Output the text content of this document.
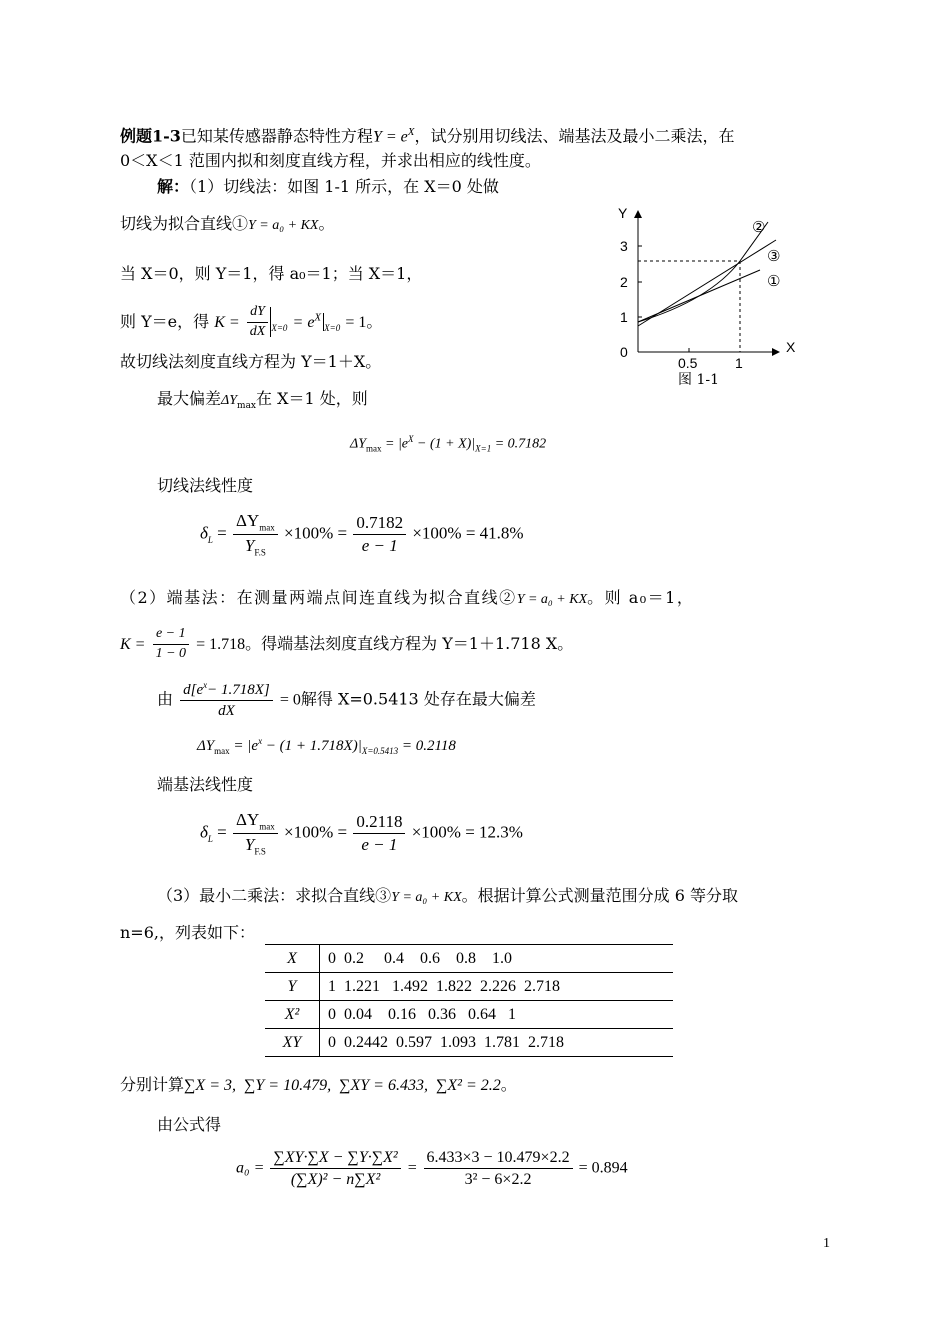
例题1-3已知某传感器静态特性方程$Y = e^X$，试分别用切线法、端基法及最小二乘法，在
0＜X＜1 范围内拟和刻度直线方程，并求出相应的线性度。
解：（1）切线法：如图 1-1 所示，在 X＝0 处做
切线为拟合直线①Y = a₀ + KX。
当 X＝0，则 Y＝1，得 a₀＝1；当 X＝1，
则 Y＝e，得 $K = \frac{dY}{dX} _{X=0} = e^X_{X=0} = 1$。
故切线法刻度直线方程为 Y＝1＋X。
最大偏差$\Delta Y_{max}$在 X＝1 处，则
$\Delta Y_{max} = |e^X - (1 + X)|_{X=1} = 0.7182$
切线法线性度
$\delta_L = \frac{\Delta Y_{max}}{Y_{F.S}} \times 100\% = \frac{0.7182}{e - 1} \times 100\% = 41.8\%$
Y
X
3
2
1
0
0.5	1
②
③
①
图 1-1
（2）端基法：在测量两端点间连直线为拟合直线②Y = a₀ + KX。则 a₀＝1，
$K = \frac{e - 1}{1 - 0} = 1.718$。得端基法刻度直线方程为 Y＝1＋1.718 X。
由 $\frac{d[e^x- 1.718X]}{dX} = 0$解得 X=0.5413 处存在最大偏差
$\Delta Y_{max} = |e^x - (1 + 1.718X)|_{X=0.5413} = 0.2118$
端基法线性度
$\delta_L = \frac{\Delta Y_{max}}{Y_{F.S}} \times 100\% = \frac{0.2118}{e - 1} \times 100\% = 12.3\%$
（3）最小二乘法：求拟合直线③Y = a₀ + KX。根据计算公式测量范围分成 6 等分取
n=6,，列表如下：
X	0  0.2     0.4    0.6    0.8    1.0
Y	1  1.221   1.492  1.822  2.226  2.718
X²	0  0.04    0.16   0.36   0.64   1
XY	0  0.2442  0.597  1.093  1.781  2.718
分别计算∑X = 3,  ∑Y = 10.479,  ∑XY = 6.433,  ∑X² = 2.2。
由公式得
$a_0 = \frac{\text{∑XY·∑X − ∑Y·∑X²}}{\text{(∑X)² − n∑X²}} = \frac{6.433\times 3 - 10.479\times 2.2}{\text{3² − 6×2.2}} = 0.894$
1
